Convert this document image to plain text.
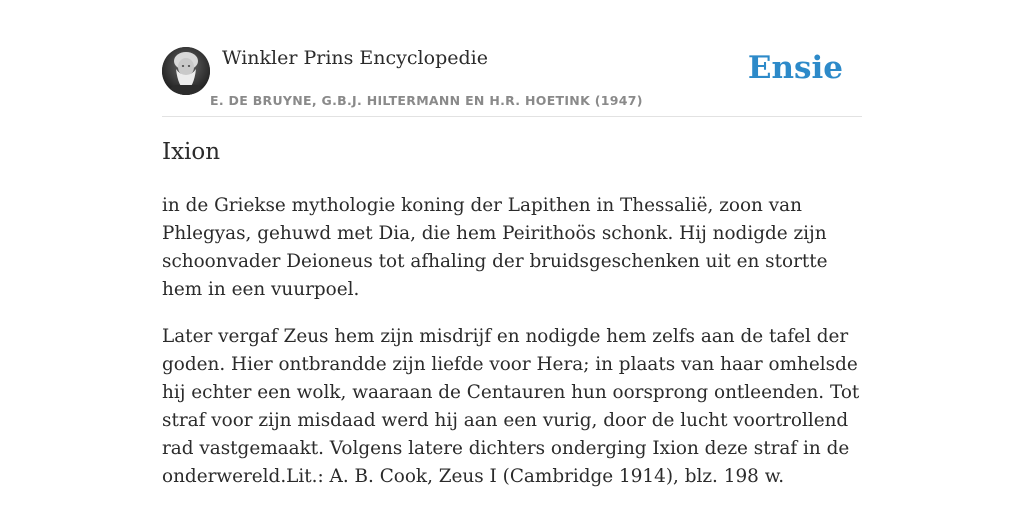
Winkler Prins Encyclopedie
E. DE BRUYNE, G.B.J. HILTERMANN EN H.R. HOETINK (1947)
Ensie
Ixion

in de Griekse mythologie koning der Lapithen in Thessalië, zoon van Phlegyas, gehuwd met Dia, die hem Peirithoös schonk. Hij nodigde zijn schoonvader Deioneus tot afhaling der bruidsgeschenken uit en stortte hem in een vuurpoel.

Later vergaf Zeus hem zijn misdrijf en nodigde hem zelfs aan de tafel der goden. Hier ontbrandde zijn liefde voor Hera; in plaats van haar omhelsde hij echter een wolk, waaraan de Centauren hun oorsprong ontleenden. Tot straf voor zijn misdaad werd hij aan een vurig, door de lucht voortrollend rad vastgemaakt. Volgens latere dichters onderging Ixion deze straf in de onderwereld.Lit.: A. B. Cook, Zeus I (Cambridge 1914), blz. 198 w.
